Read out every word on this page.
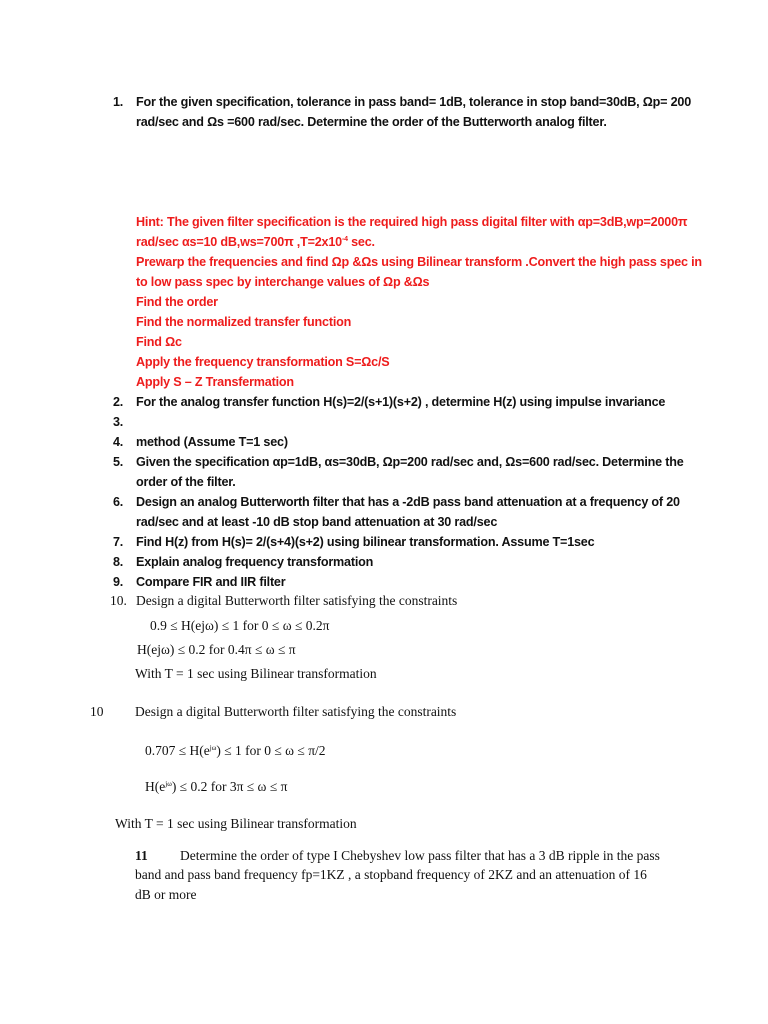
1. For the given specification, tolerance in pass band= 1dB, tolerance in stop band=30dB, Ωp= 200
rad/sec and Ωs =600 rad/sec. Determine the order of the Butterworth analog filter.
Hint: The given filter specification is the required high pass digital filter with αp=3dB,wp=2000π
rad/sec αs=10 dB,ws=700π $,T=2x10^{-4}$ sec.
Prewarp the frequencies and find Ωp &Ωs using Bilinear transform .Convert the high pass spec in
to low pass spec by interchange values of Ωp &Ωs
Find the order
Find the normalized transfer function
Find Ωc
Apply the frequency transformation S=Ωc/S
Apply S – Z Transfermation
2. For the analog transfer function H(s)=2/(s+1)(s+2) , determine H(z) using impulse invariance
3.
4. method (Assume T=1 sec)
5. Given the specification αp=1dB, αs=30dB, Ωp=200 rad/sec and, Ωs=600 rad/sec. Determine the
order of the filter.
6. Design an analog Butterworth filter that has a -2dB pass band attenuation at a frequency of 20
rad/sec and at least -10 dB stop band attenuation at 30 rad/sec
7. Find H(z) from H(s)= 2/(s+4)(s+2) using bilinear transformation. Assume T=1sec
8. Explain analog frequency transformation
9. Compare FIR and IIR filter
10. Design a digital Butterworth filter satisfying the constraints
0.9 ≤ H(ejω) ≤ 1 for 0 ≤ ω ≤ 0.2π
H(ejω) ≤ 0.2 for 0.4π ≤ ω ≤ π
With T = 1 sec using Bilinear transformation
10 Design a digital Butterworth filter satisfying the constraints
$0.707 \le H(e^{j\omega}) \le 1$ for 0 ≤ ω ≤ π/2
$H(e^{j\omega}) \le 0.2$ for 3π ≤ ω ≤ π
With T = 1 sec using Bilinear transformation
11 Determine the order of type I Chebyshev low pass filter that has a 3 dB ripple in the pass
band and pass band frequency fp=1KZ , a stopband frequency of 2KZ and an attenuation of 16
dB or more
